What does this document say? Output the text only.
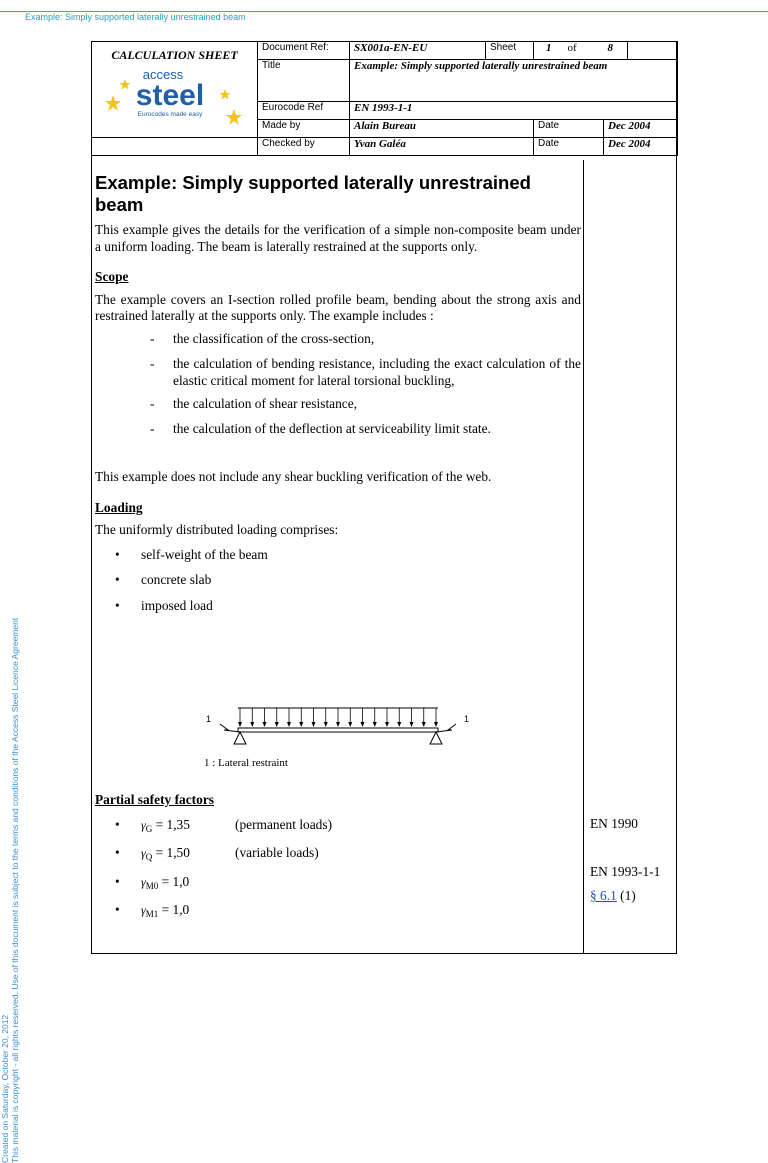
Example: Simply supported laterally unrestrained beam
Created on Saturday, October 20, 2012 This material is copyright - all rights reserved. Use of this document is subject to the terms and conditions of the Access Steel Licence Agreement
CALCULATION SHEET
access
steel
Eurocodes made easy	Document Ref:	SX001a-EN-EU	Sheet	1	of	8	
	Title	Example: Simply supported laterally unrestrained beam					
	Eurocode Ref	EN 1993-1-1					
	Made by	Alain Bureau		Date		Dec 2004	
	Checked by	Yvan Galéa		Date		Dec 2004	
Example: Simply supported laterally unrestrained beam

This example gives the details for the verification of a simple non-composite beam under a uniform loading. The beam is laterally restrained at the supports only.

Scope

The example covers an I-section rolled profile beam, bending about the strong axis and restrained laterally at the supports only. The example includes :

- the classification of the cross-section,
- the calculation of bending resistance, including the exact calculation of the elastic critical moment for lateral torsional buckling,
- the calculation of shear resistance,
- the calculation of the deflection at serviceability limit state.

This example does not include any shear buckling verification of the web.

Loading

The uniformly distributed loading comprises:

• self-weight of the beam
• concrete slab
• imposed load
1	1
1 : Lateral restraint

Partial safety factors

• $\gamma_G = 1,35$	(permanent loads)
• $\gamma_Q = 1,50$	(variable loads)
• $\gamma_{M0} = 1,0$
• $\gamma_{M1} = 1,0$
EN 1990
EN 1993-1-1
§ 6.1 (1)
